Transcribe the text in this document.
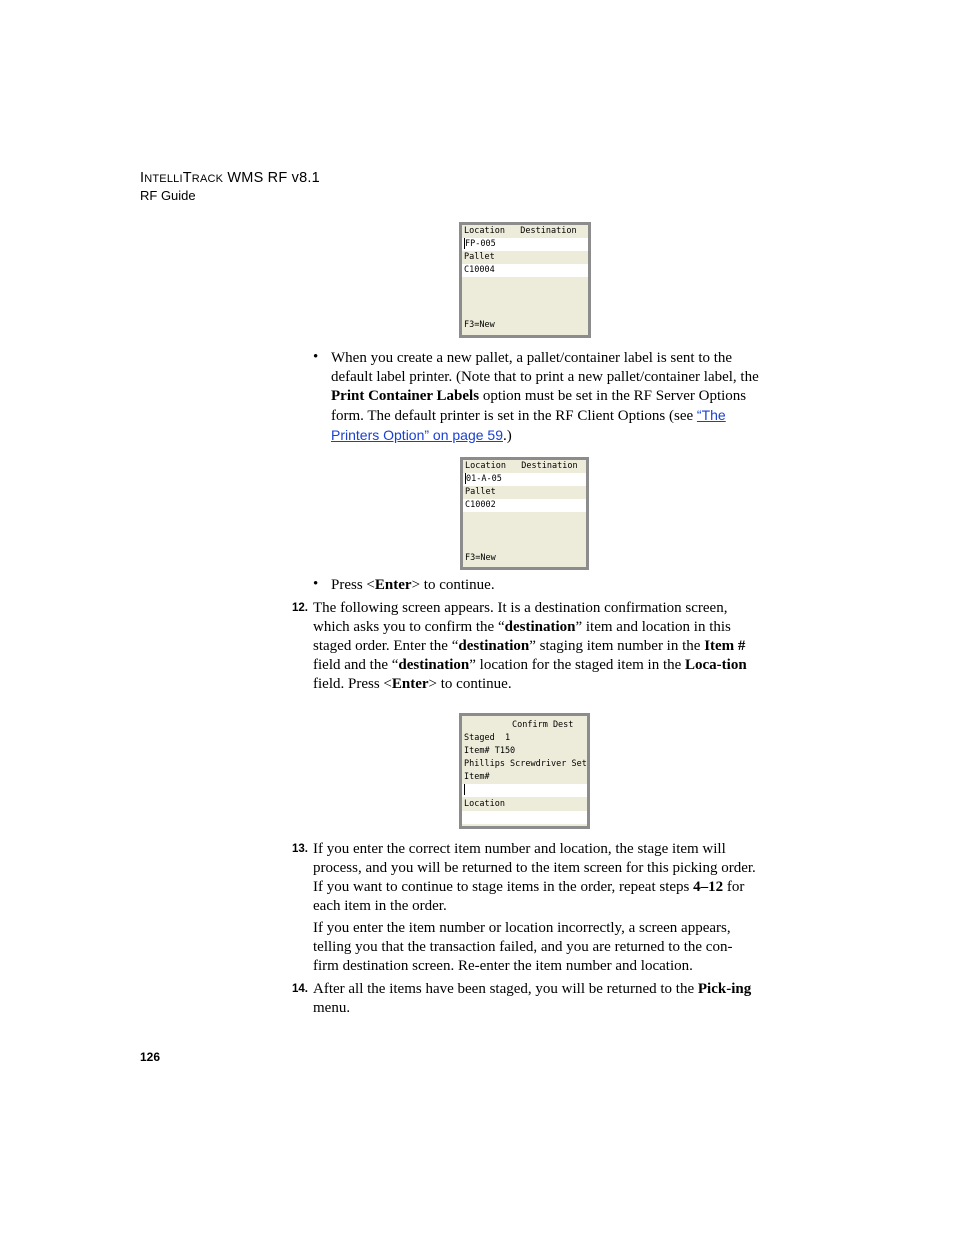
INTELLITRACK WMS RF v8.1
RF Guide
Location   Destination
FP-005
Pallet
C10004
F3=New
• When you create a new pallet, a pallet/container label is sent to the default label printer. (Note that to print a new pallet/container label, the Print Container Labels option must be set in the RF Server Options form. The default printer is set in the RF Client Options (see “The Printers Option” on page 59.)
Location   Destination
01-A-05
Pallet
C10002
F3=New
• Press <Enter> to continue.
12. The following screen appears. It is a destination confirmation screen, which asks you to confirm the “destination” item and location in this staged order. Enter the “destination” staging item number in the Item # field and the “destination” location for the staged item in the Loca-tion field. Press <Enter> to continue.
Confirm Dest
Staged  1
Item# T150
Phillips Screwdriver Set
Item#
Location
13. If you enter the correct item number and location, the stage item will process, and you will be returned to the item screen for this picking order. If you want to continue to stage items in the order, repeat steps 4–12 for each item in the order.
If you enter the item number or location incorrectly, a screen appears, telling you that the transaction failed, and you are returned to the con-firm destination screen. Re-enter the item number and location.
14. After all the items have been staged, you will be returned to the Pick-ing menu.
126
